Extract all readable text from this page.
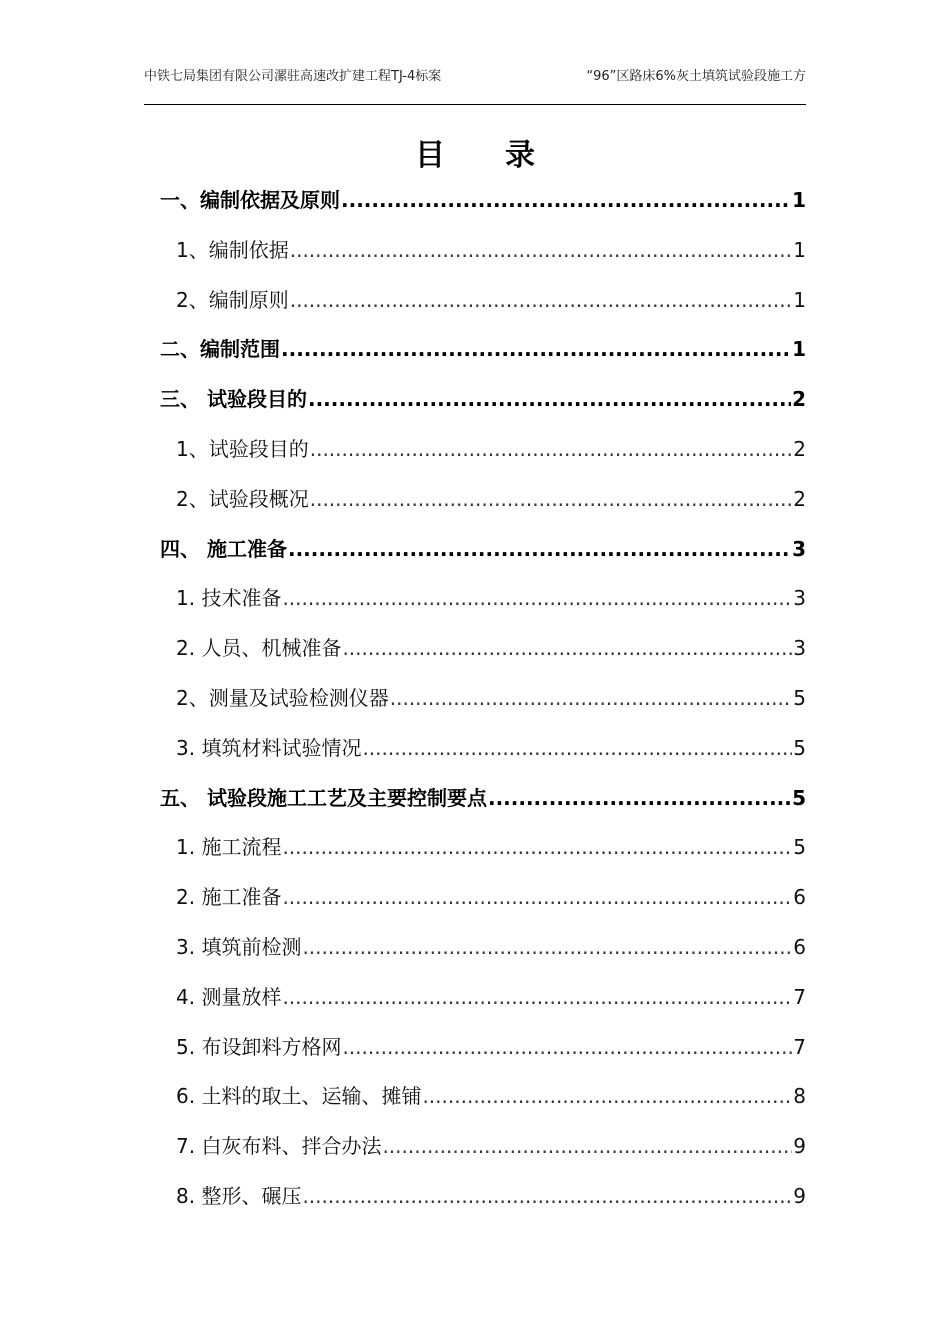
中铁七局集团有限公司漯驻高速改扩建工程TJ-4标案	“96”区路床6%灰土填筑试验段施工方
目录
一、编制依据及原则 .....	1
1、编制依据 .....	1
2、编制原则 .....	1
二、编制范围 .....	1
三、 试验段目的 .....	2
1、试验段目的 .....	2
2、试验段概况 .....	2
四、 施工准备 .....	3
1. 技术准备 .....	3
2. 人员、机械准备 .....	3
2、测量及试验检测仪器 .....	5
3. 填筑材料试验情况 .....	5
五、 试验段施工工艺及主要控制要点 .....	5
1. 施工流程 .....	5
2. 施工准备 .....	6
3. 填筑前检测 .....	6
4. 测量放样 .....	7
5. 布设卸料方格网 .....	7
6. 土料的取土、运输、摊铺 .....	8
7. 白灰布料、拌合办法 .....	9
8. 整形、碾压 .....	9
